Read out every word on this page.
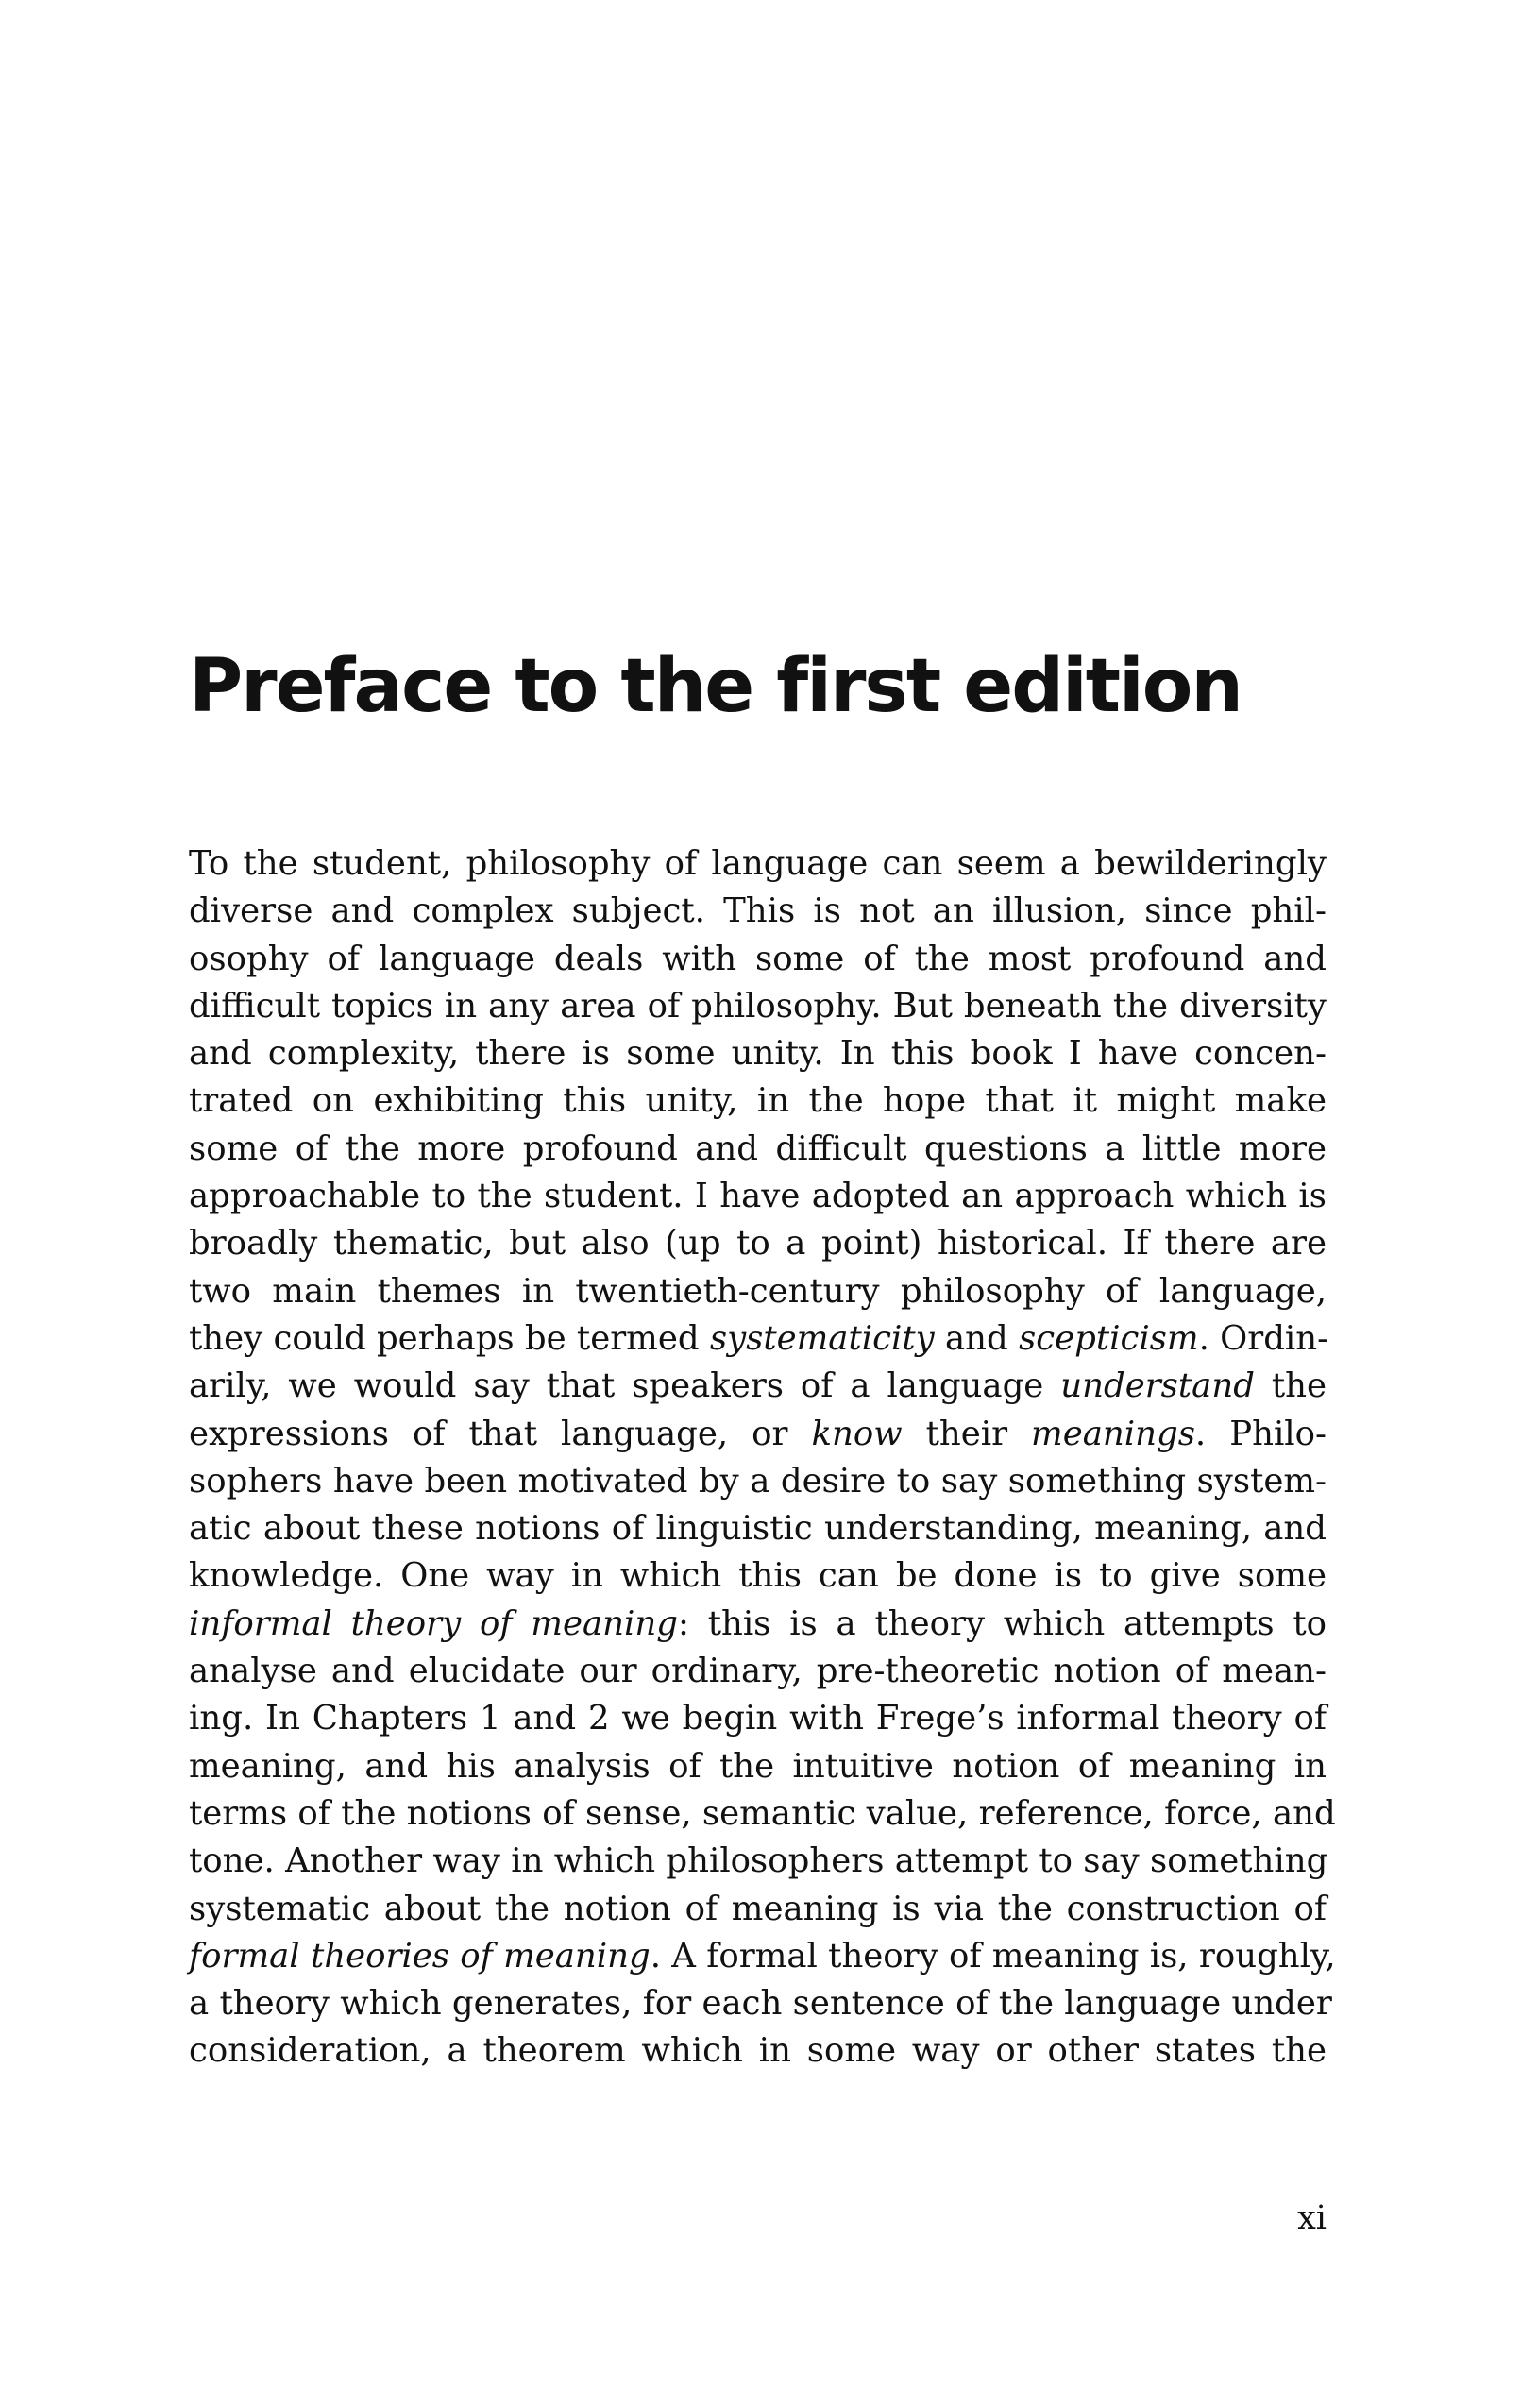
Preface to the first edition
To the student, philosophy of language can seem a bewilderingly
diverse and complex subject. This is not an illusion, since phil-
osophy of language deals with some of the most profound and
difficult topics in any area of philosophy. But beneath the diversity
and complexity, there is some unity. In this book I have concen-
trated on exhibiting this unity, in the hope that it might make
some of the more profound and difficult questions a little more
approachable to the student. I have adopted an approach which is
broadly thematic, but also (up to a point) historical. If there are
two main themes in twentieth-century philosophy of language,
they could perhaps be termed systematicity and scepticism. Ordin-
arily, we would say that speakers of a language understand the
expressions of that language, or know their meanings. Philo-
sophers have been motivated by a desire to say something system-
atic about these notions of linguistic understanding, meaning, and
knowledge. One way in which this can be done is to give some
informal theory of meaning: this is a theory which attempts to
analyse and elucidate our ordinary, pre-theoretic notion of mean-
ing. In Chapters 1 and 2 we begin with Frege’s informal theory of
meaning, and his analysis of the intuitive notion of meaning in
terms of the notions of sense, semantic value, reference, force, and
tone. Another way in which philosophers attempt to say something
systematic about the notion of meaning is via the construction of
formal theories of meaning. A formal theory of meaning is, roughly,
a theory which generates, for each sentence of the language under
consideration, a theorem which in some way or other states the
xi
